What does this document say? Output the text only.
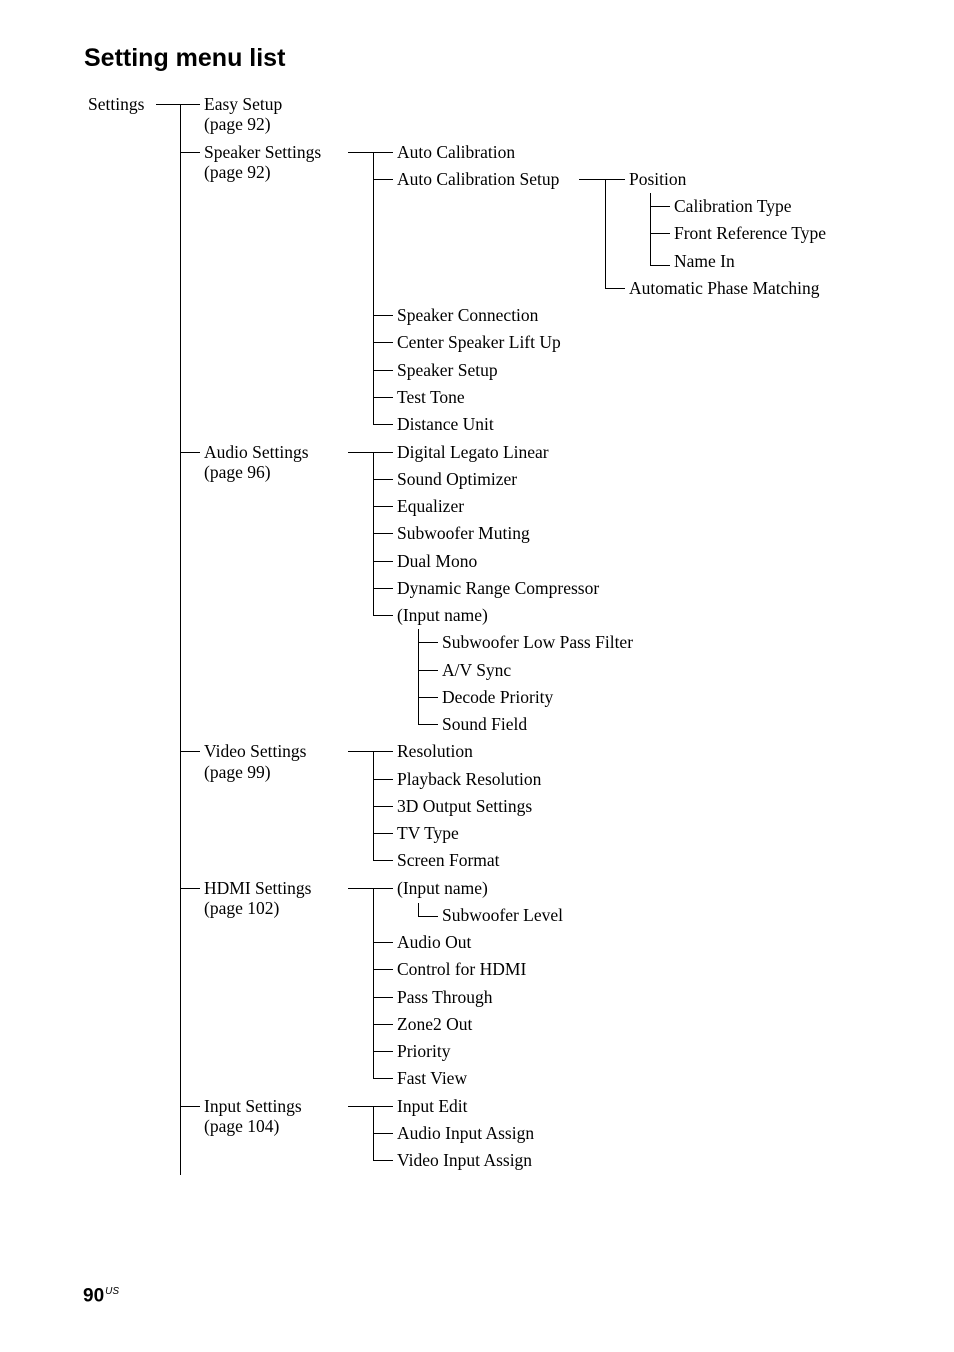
Setting menu list
Settings	Easy Setup
(page 92)
Speaker Settings
(page 92)
Auto Calibration
Auto Calibration Setup
Speaker Connection
Center Speaker Lift Up
Speaker Setup
Test Tone
Distance Unit
Position
Automatic Phase Matching
Calibration Type
Front Reference Type
Name In
Audio Settings
(page 96)
Digital Legato Linear
Sound Optimizer
Equalizer
Subwoofer Muting
Dual Mono
Dynamic Range Compressor
(Input name)
Subwoofer Low Pass Filter
A/V Sync
Decode Priority
Sound Field
Video Settings
(page 99)
Resolution
Playback Resolution
3D Output Settings
TV Type
Screen Format
HDMI Settings
(page 102)
(Input name)
Subwoofer Level
Audio Out
Control for HDMI
Pass Through
Zone2 Out
Priority
Fast View
Input Settings
(page 104)
Input Edit
Audio Input Assign
Video Input Assign
$90^{US}$
